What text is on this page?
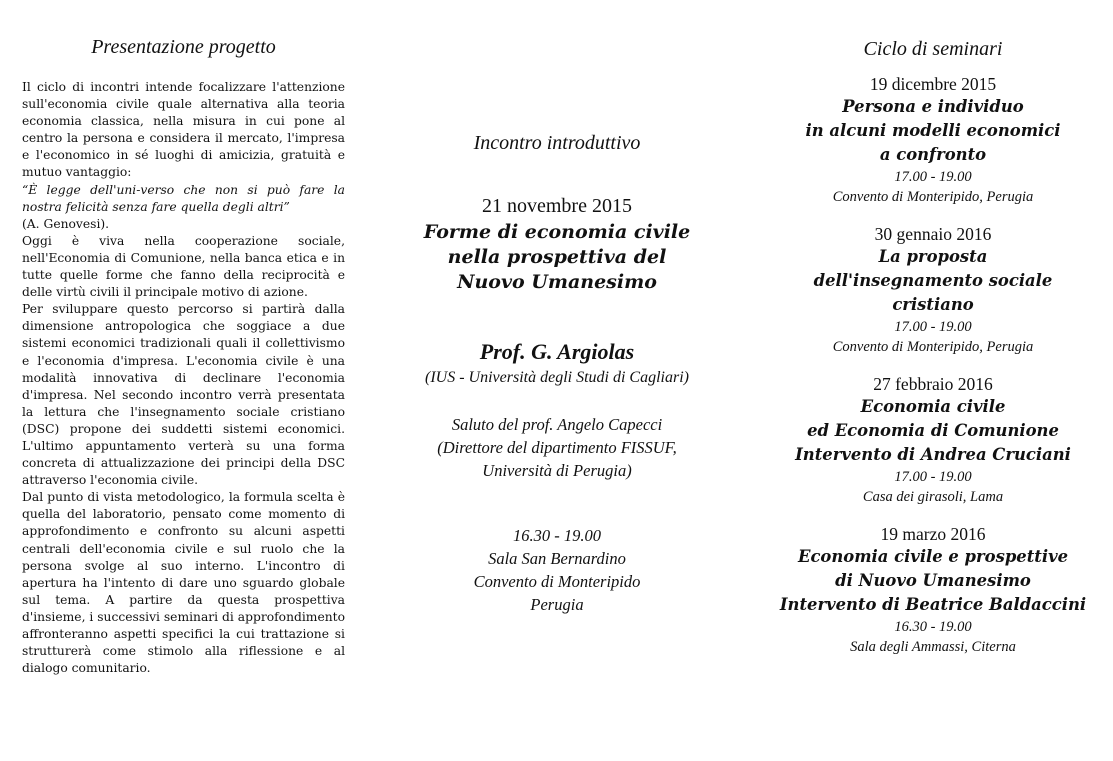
Presentazione progetto

Il ciclo di incontri intende focalizzare l'attenzione sull'economia civile quale alternativa alla teoria economia classica, nella misura in cui pone al centro la persona e considera il mercato, l'impresa e l'economico in sé luoghi di amicizia, gratuità e mutuo vantaggio:

“È legge dell'uni-verso che non si può fare la nostra felicità senza fare quella degli altri”

(A. Genovesi).

Oggi è viva nella cooperazione sociale, nell'Economia di Comunione, nella banca etica e in tutte quelle forme che fanno della reciprocità e delle virtù civili il principale motivo di azione.

Per sviluppare questo percorso si partirà dalla dimensione antropologica che soggiace a due sistemi economici tradizionali quali il collettivismo e l'economia d'impresa. L'economia civile è una modalità innovativa di declinare l'economia d'impresa. Nel secondo incontro verrà presentata la lettura che l'insegnamento sociale cristiano (DSC) propone dei suddetti sistemi economici. L'ultimo appuntamento verterà su una forma concreta di attualizzazione dei principi della DSC attraverso l'economia civile.

Dal punto di vista metodologico, la formula scelta è quella del laboratorio, pensato come momento di approfondimento e confronto su alcuni aspetti centrali dell'economia civile e sul ruolo che la persona svolge al suo interno. L'incontro di apertura ha l'intento di dare uno sguardo globale sul tema. A partire da questa prospettiva d'insieme, i successivi seminari di approfondimento affronteranno aspetti specifici la cui trattazione si strutturerà come stimolo alla riflessione e al dialogo comunitario.

Incontro introduttivo
21 novembre 2015
Forme di economia civile
nella prospettiva del
Nuovo Umanesimo
Prof. G. Argiolas
(IUS - Università degli Studi di Cagliari)
Saluto del prof. Angelo Capecci
(Direttore del dipartimento FISSUF,
Università di Perugia)
16.30 - 19.00
Sala San Bernardino
Convento di Monteripido
Perugia
Ciclo di seminari
19 dicembre 2015
Persona e individuo
in alcuni modelli economici
a confronto
17.00 - 19.00
Convento di Monteripido, Perugia
30 gennaio 2016
La proposta
dell'insegnamento sociale
cristiano
17.00 - 19.00
Convento di Monteripido, Perugia
27 febbraio 2016
Economia civile
ed Economia di Comunione
Intervento di Andrea Cruciani
17.00 - 19.00
Casa dei girasoli, Lama
19 marzo 2016
Economia civile e prospettive
di Nuovo Umanesimo
Intervento di Beatrice Baldaccini
16.30 - 19.00
Sala degli Ammassi, Citerna
